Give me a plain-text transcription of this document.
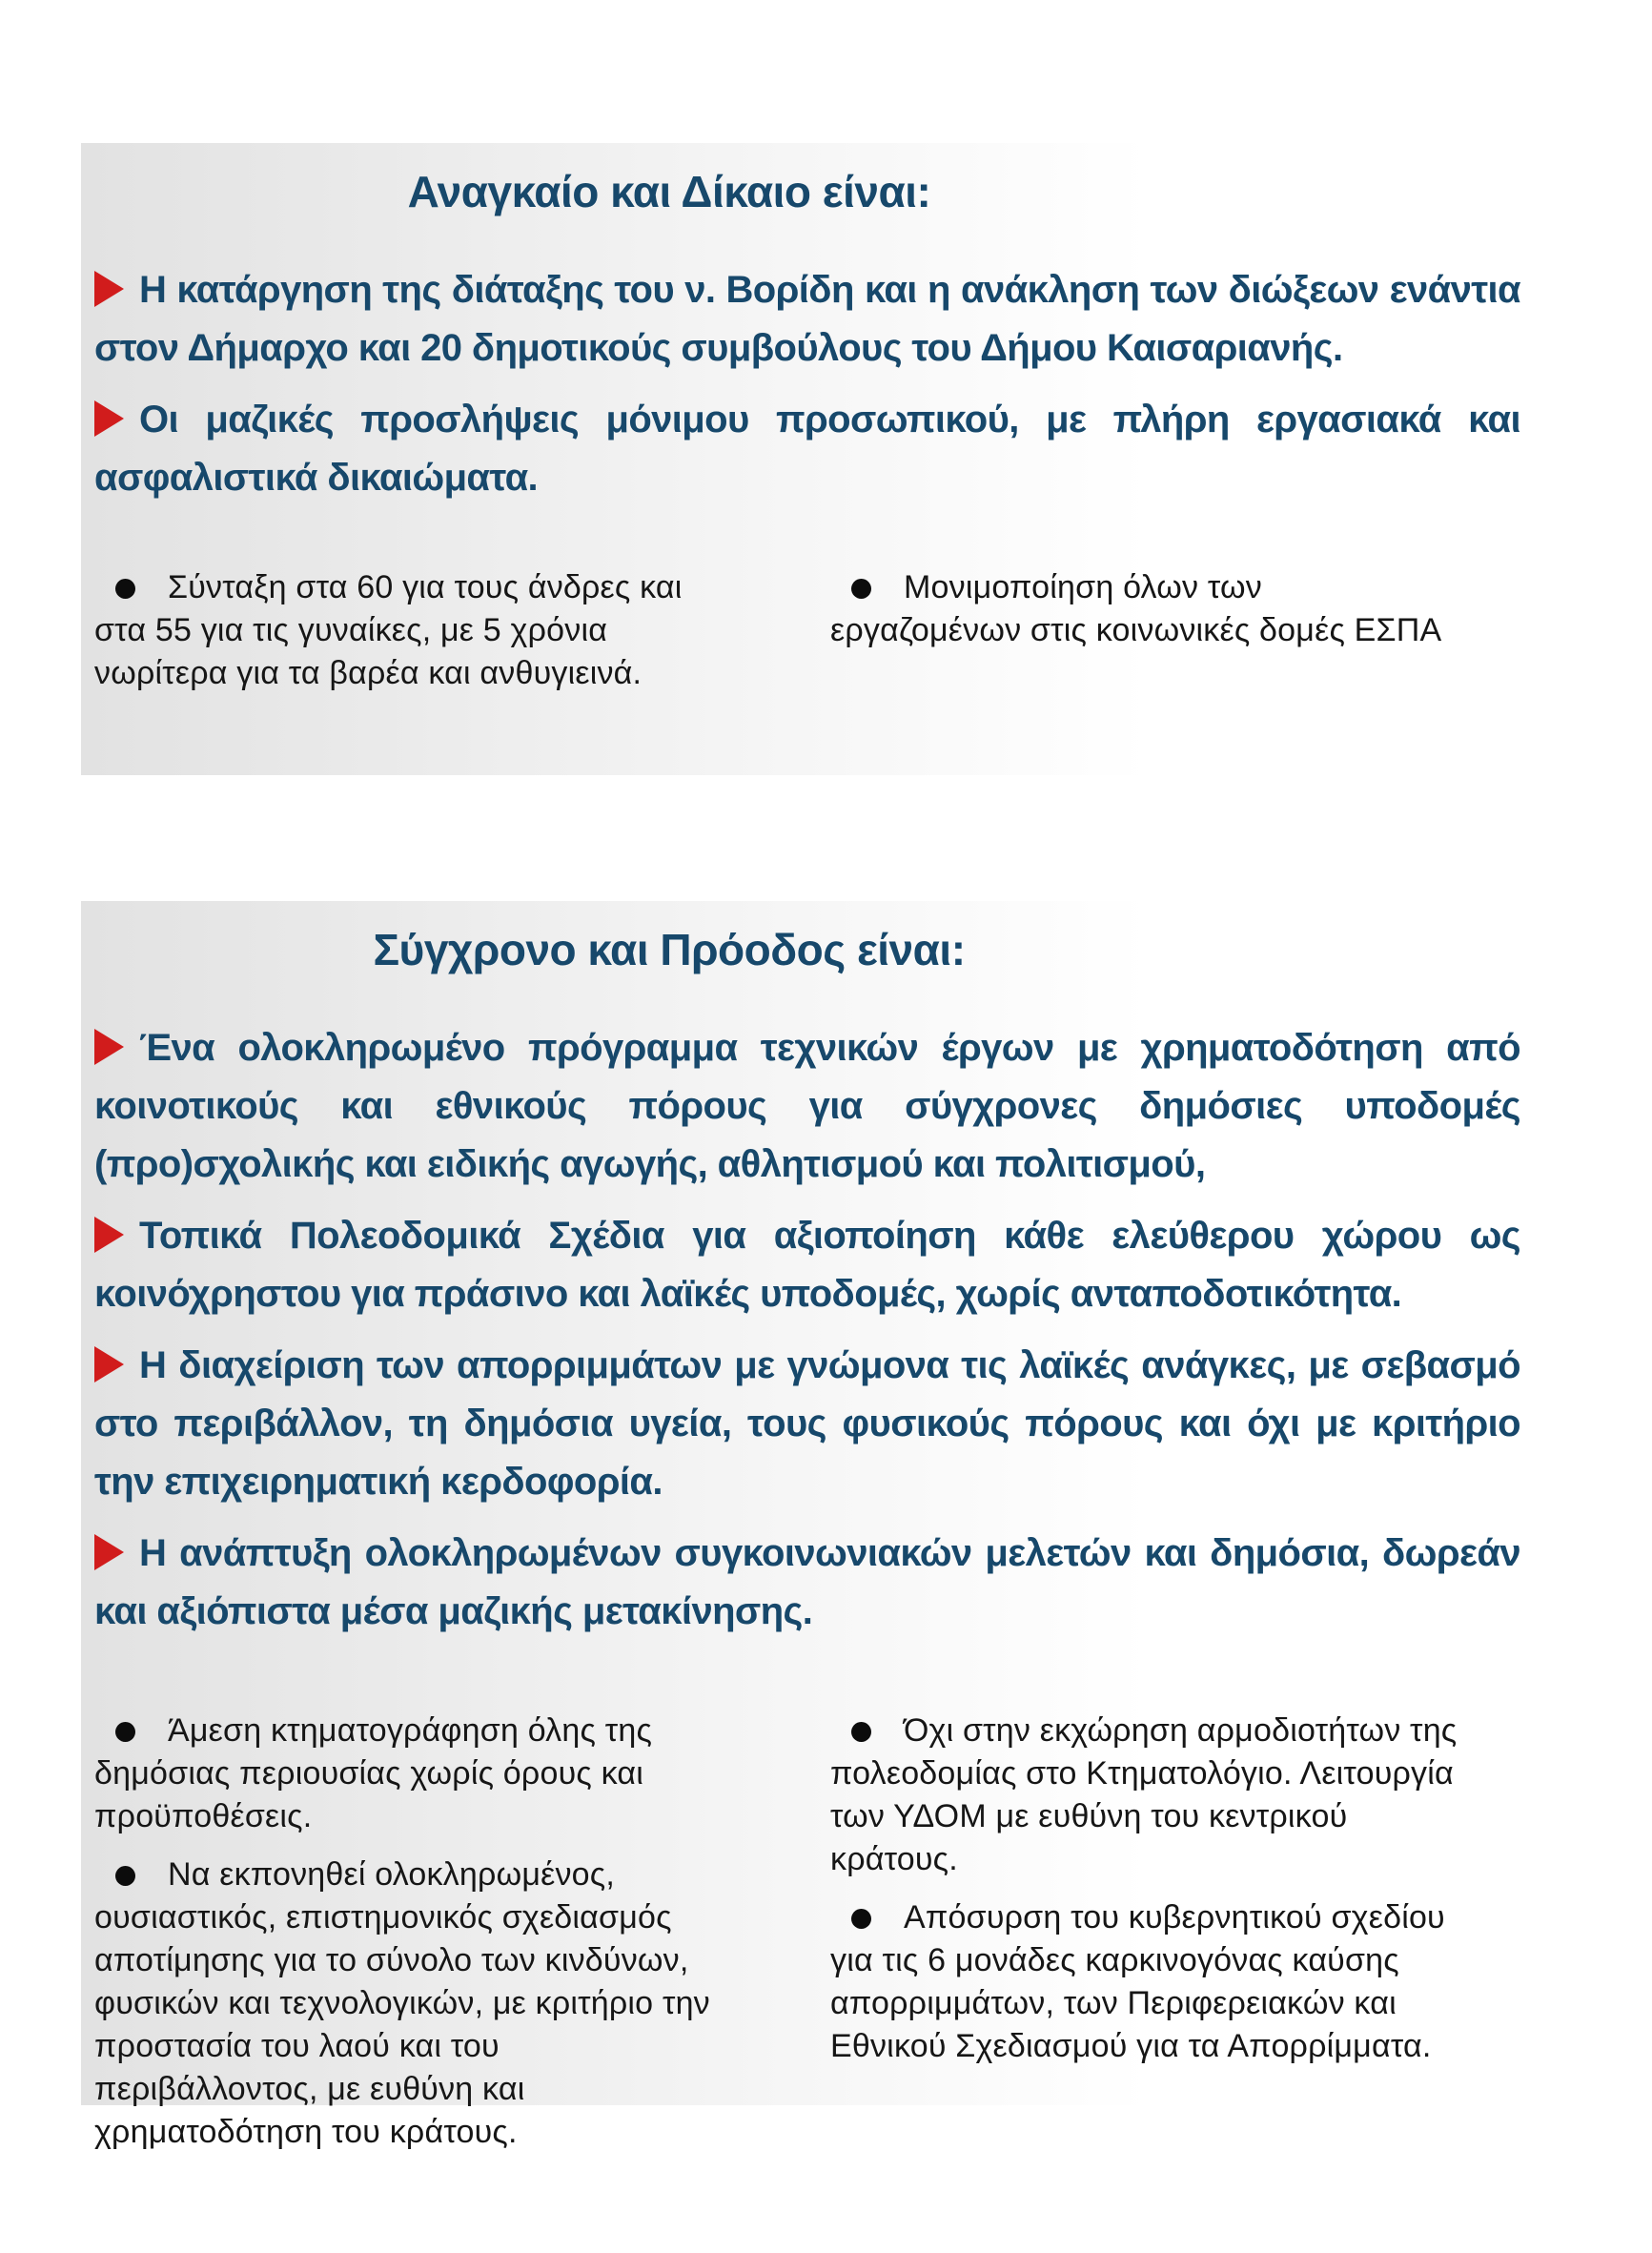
Αναγκαίο και Δίκαιο είναι:

Η κατάργηση της διάταξης του ν. Βορίδη και η ανάκληση των διώξεων ενάντια στον Δήμαρχο και 20 δημοτικούς συμβούλους του Δήμου Καισαριανής.

Οι μαζικές προσλήψεις μόνιμου προσωπικού, με πλήρη εργασιακά και ασφαλιστικά δικαιώματα.

Σύνταξη στα 60 για τους άνδρες και στα 55 για τις γυναίκες, με 5 χρόνια νωρίτερα για τα βαρέα και ανθυγιεινά.

Μονιμοποίηση όλων των εργαζομένων στις κοινωνικές δομές ΕΣΠΑ

Σύγχρονο και Πρόοδος είναι:

Ένα ολοκληρωμένο πρόγραμμα τεχνικών έργων με χρηματοδότηση από κοινοτικούς και εθνικούς πόρους για σύγχρονες δημόσιες υποδομές (προ)σχολικής και ειδικής αγωγής, αθλητισμού και πολιτισμού,

Τοπικά Πολεοδομικά Σχέδια για αξιοποίηση κάθε ελεύθερου χώρου ως κοινόχρηστου για πράσινο και λαϊκές υποδομές, χωρίς ανταποδοτικότητα.

Η διαχείριση των απορριμμάτων με γνώμονα τις λαϊκές ανάγκες, με σεβασμό στο περιβάλλον, τη δημόσια υγεία, τους φυσικούς πόρους και όχι με κριτήριο την επιχειρηματική κερδοφορία.

Η ανάπτυξη ολοκληρωμένων συγκοινωνιακών μελετών και δημόσια, δωρεάν και αξιόπιστα μέσα μαζικής μετακίνησης.

Άμεση κτηματογράφηση όλης της δημόσιας περιουσίας χωρίς όρους και προϋποθέσεις.

Να εκπονηθεί ολοκληρωμένος, ουσιαστικός, επιστημονικός σχεδιασμός αποτίμησης για το σύνολο των κινδύνων, φυσικών και τεχνολογικών, με κριτήριο την προστασία του λαού και του περιβάλλοντος, με ευθύνη και χρηματοδότηση του κράτους.

Όχι στην εκχώρηση αρμοδιοτήτων της πολεοδομίας στο Κτηματολόγιο. Λειτουργία των ΥΔΟΜ με ευθύνη του κεντρικού κράτους.

Απόσυρση του κυβερνητικού σχεδίου για τις 6 μονάδες καρκινογόνας καύσης απορριμμάτων, των Περιφερειακών και Εθνικού Σχεδιασμού για τα Απορρίμματα.
